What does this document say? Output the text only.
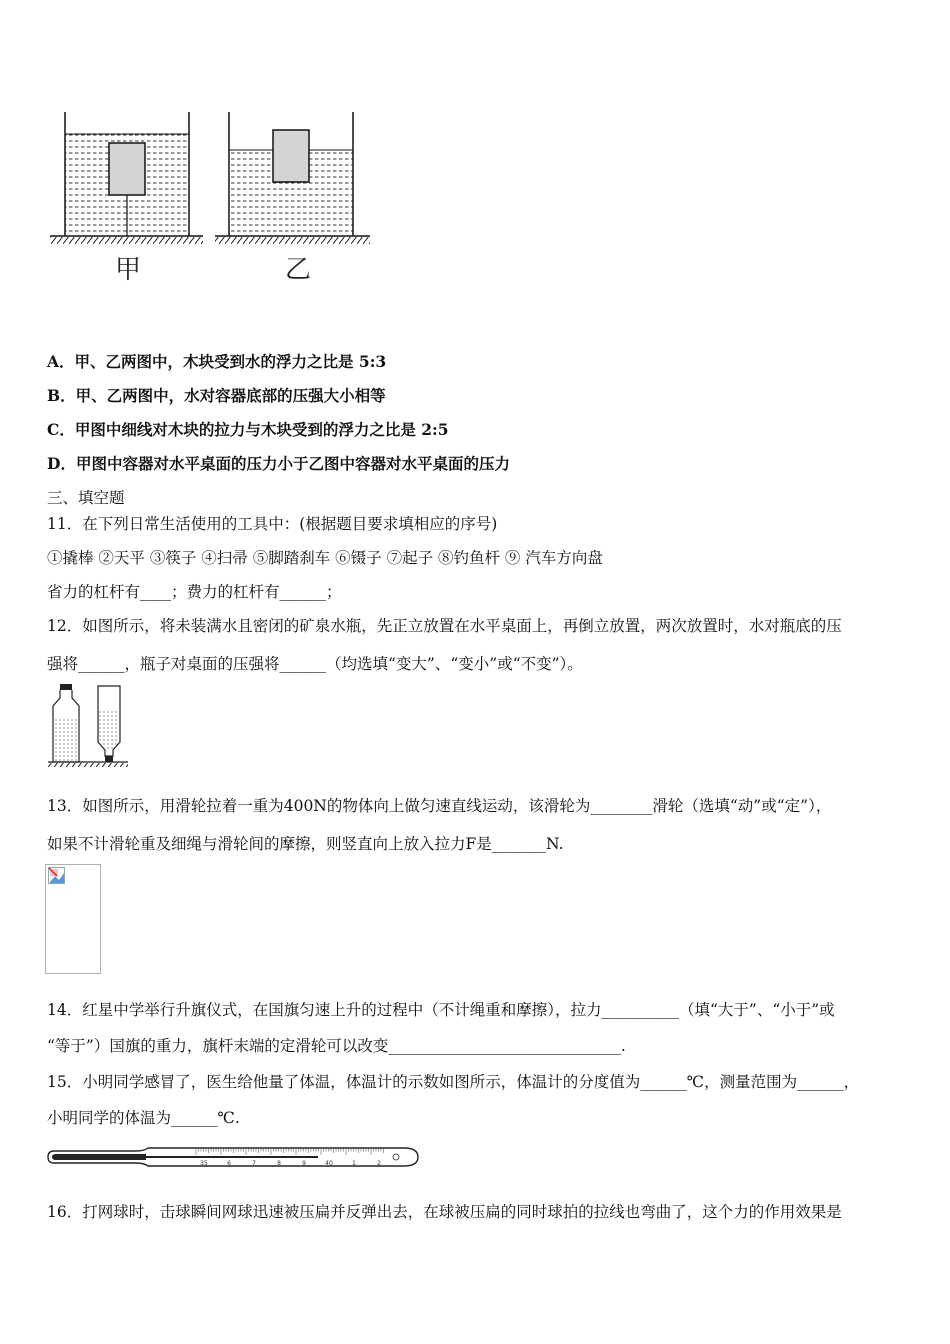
甲	乙
A．甲、乙两图中，木块受到水的浮力之比是 5:3
B．甲、乙两图中，水对容器底部的压强大小相等
C．甲图中细线对木块的拉力与木块受到的浮力之比是 2:5
D．甲图中容器对水平桌面的压力小于乙图中容器对水平桌面的压力
三、填空题
11．在下列日常生活使用的工具中：(根据题目要求填相应的序号)
①撬棒 ②天平 ③筷子 ④扫帚 ⑤脚踏刹车 ⑥镊子 ⑦起子 ⑧钓鱼杆 ⑨ 汽车方向盘
省力的杠杆有____；费力的杠杆有______；
12．如图所示，将未装满水且密闭的矿泉水瓶，先正立放置在水平桌面上，再倒立放置，两次放置时，水对瓶底的压
强将______，瓶子对桌面的压强将______（均选填“变大”、“变小”或“不变”）。
13．如图所示，用滑轮拉着一重为400N的物体向上做匀速直线运动，该滑轮为________滑轮（选填“动”或“定”），
如果不计滑轮重及细绳与滑轮间的摩擦，则竖直向上放入拉力F是_______N.
14．红星中学举行升旗仪式，在国旗匀速上升的过程中（不计绳重和摩擦），拉力__________（填“大于”、“小于”或
“等于”）国旗的重力，旗杆末端的定滑轮可以改变______________________________.
15．小明同学感冒了，医生给他量了体温，体温计的示数如图所示，体温计的分度值为______℃，测量范围为______，
小明同学的体温为______℃.
35	6	7	8	9	40	1	2
16．打网球时，击球瞬间网球迅速被压扁并反弹出去，在球被压扁的同时球拍的拉线也弯曲了，这个力的作用效果是
